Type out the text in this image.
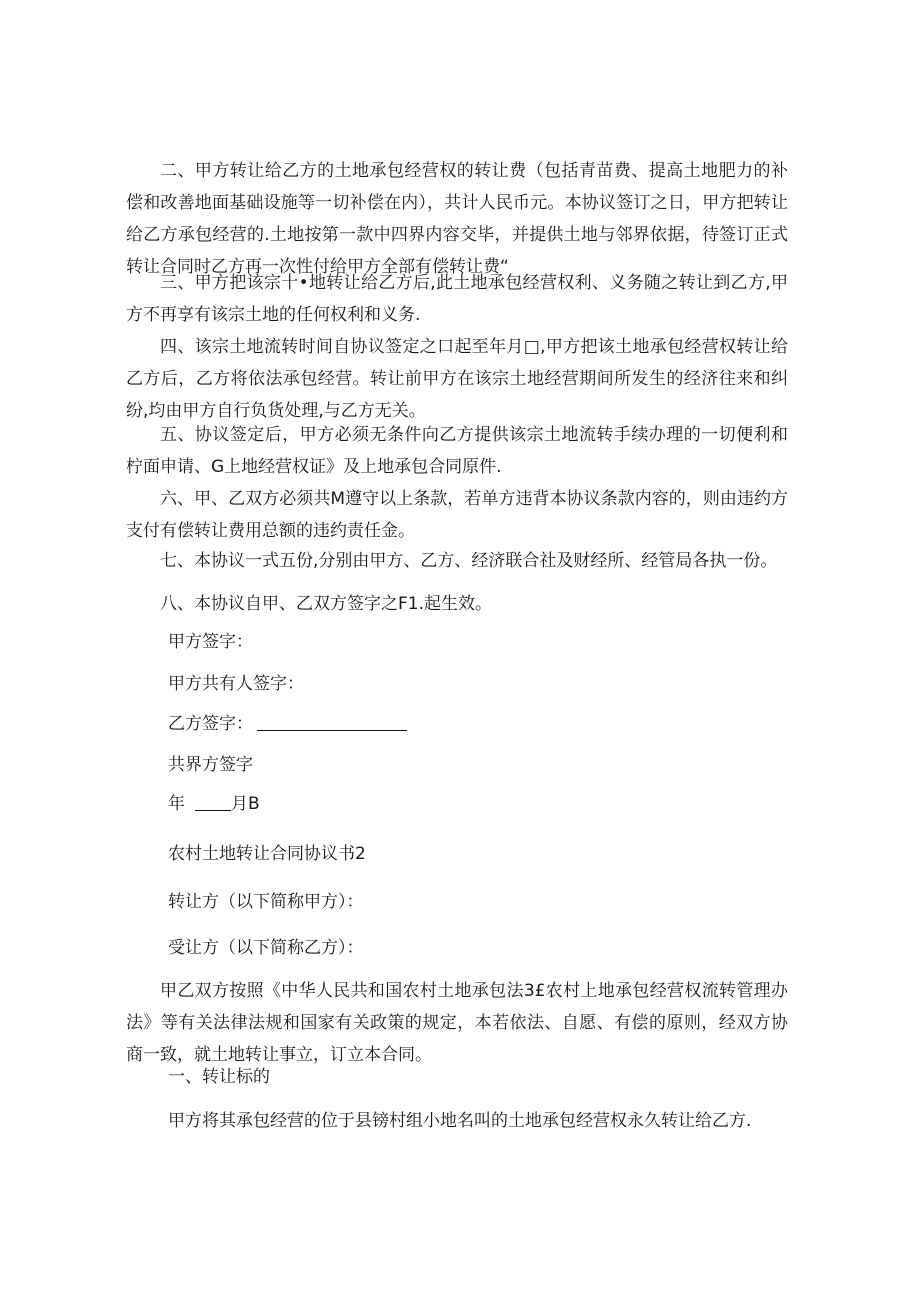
二、甲方转让给乙方的土地承包经营权的转让费（包括青苗费、提高土地肥力的补偿和改善地面基础设施等一切补偿在内），共计人民币元。本协议签订之日，甲方把转让给乙方承包经营的.土地按第一款中四界内容交毕，并提供土地与邻界依据，待签订正式转让合同时乙方再一次性付给甲方全部有偿转让费“

三、甲方把该宗十•地转让给乙方后,此土地承包经营权利、义务随之转让到乙方,甲方不再享有该宗土地的任何权利和义务.

四、该宗土地流转时间自协议签定之口起至年月□,甲方把该土地承包经营权转让给乙方后，乙方将依法承包经营。转让前甲方在该宗土地经营期间所发生的经济往来和纠纷,均由甲方自行负货处理,与乙方无关。

五、协议签定后，甲方必须无条件向乙方提供该宗土地流转手续办理的一切便利和柠面申请、G上地经营权证》及上地承包合同原件.

六、甲、乙双方必须共M遵守以上条款，若单方违背本协议条款内容的，则由违约方支付有偿转让费用总额的违约责任金。

七、本协议一式五份,分别由甲方、乙方、经济联合社及财经所、经管局各执一份。

八、本协议自甲、乙双方签字之F1.起生效。

甲方签字：

甲方共有人签字：

乙方签字：

共界方签字

年	月B

农村土地转让合同协议书2

转让方（以下简称甲方）：

受让方（以下简称乙方）：

甲乙双方按照《中华人民共和国农村土地承包法3£农村上地承包经营权流转管理办法》等有关法律法规和国家有关政策的规定，本若依法、自愿、有偿的原则，经双方协商一致，就土地转让事立，订立本合同。

一、转让标的

甲方将其承包经营的位于县镑村组小地名叫的土地承包经营权永久转让给乙方.
